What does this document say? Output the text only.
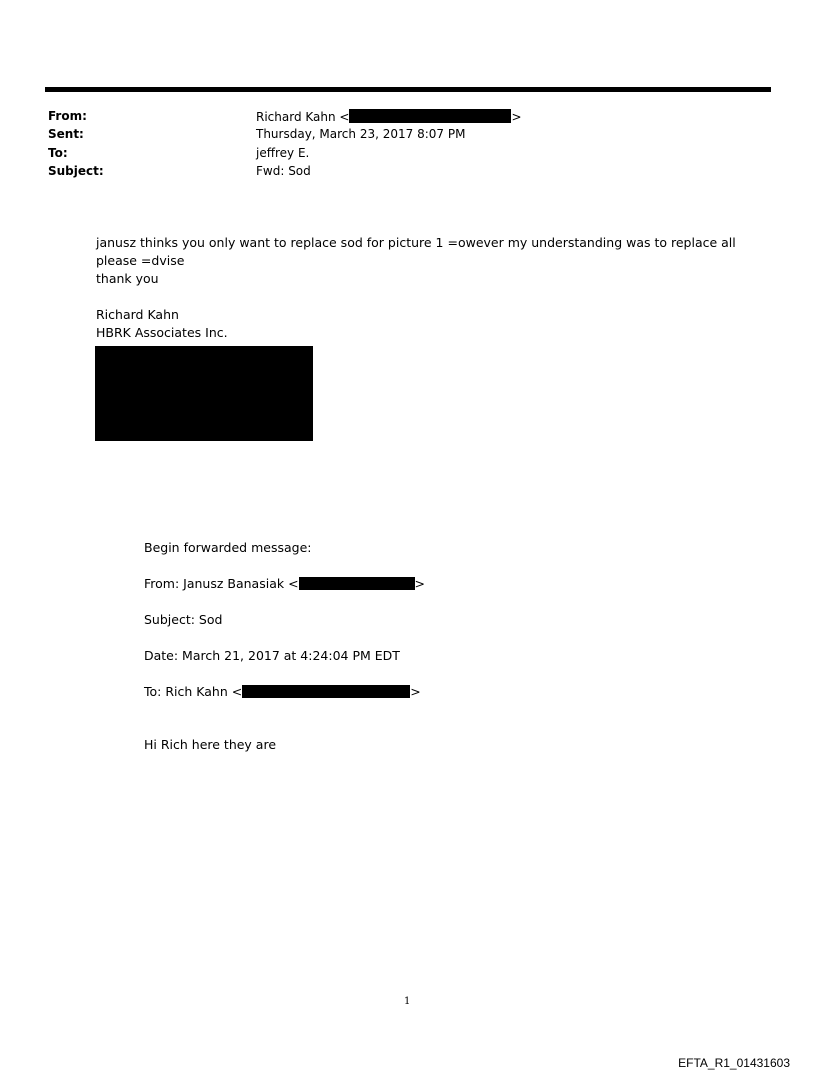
From:	Richard Kahn <	>
Sent:	Thursday, March 23, 2017 8:07 PM
To:	jeffrey E.
Subject:	Fwd: Sod
janusz thinks you only want to replace sod for picture 1 =owever my understanding was to replace all
please =dvise
thank you
Richard Kahn
HBRK Associates Inc.
Begin forwarded message:
From: Janusz Banasiak <	>
Subject: Sod
Date: March 21, 2017 at 4:24:04 PM EDT
To: Rich Kahn <	>
Hi Rich here they are
1
EFTA_R1_01431603
